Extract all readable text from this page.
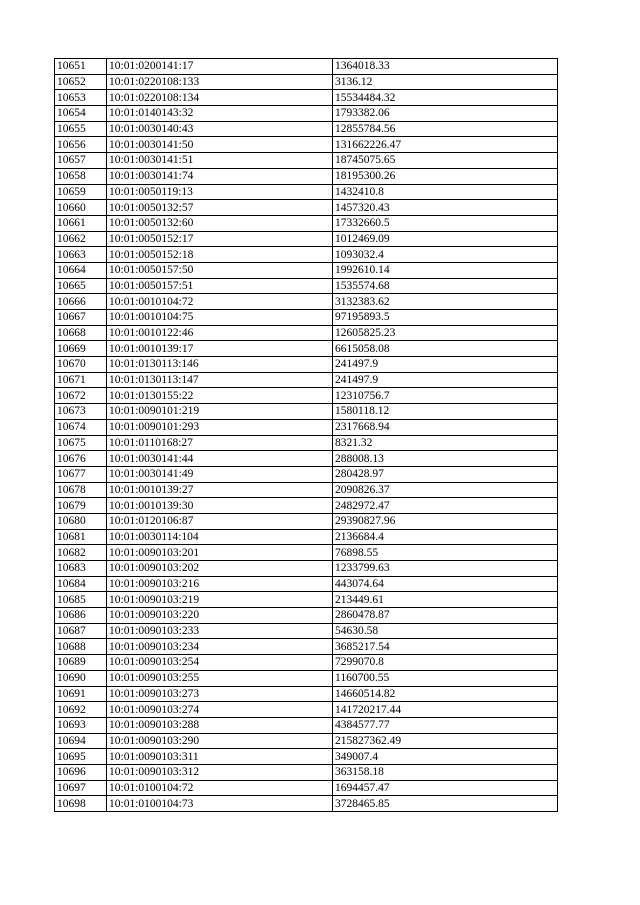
10651	10:01:0200141:17	1364018.33
10652	10:01:0220108:133	3136.12
10653	10:01:0220108:134	15534484.32
10654	10:01:0140143:32	1793382.06
10655	10:01:0030140:43	12855784.56
10656	10:01:0030141:50	131662226.47
10657	10:01:0030141:51	18745075.65
10658	10:01:0030141:74	18195300.26
10659	10:01:0050119:13	1432410.8
10660	10:01:0050132:57	1457320.43
10661	10:01:0050132:60	17332660.5
10662	10:01:0050152:17	1012469.09
10663	10:01:0050152:18	1093032.4
10664	10:01:0050157:50	1992610.14
10665	10:01:0050157:51	1535574.68
10666	10:01:0010104:72	3132383.62
10667	10:01:0010104:75	97195893.5
10668	10:01:0010122:46	12605825.23
10669	10:01:0010139:17	6615058.08
10670	10:01:0130113:146	241497.9
10671	10:01:0130113:147	241497.9
10672	10:01:0130155:22	12310756.7
10673	10:01:0090101:219	1580118.12
10674	10:01:0090101:293	2317668.94
10675	10:01:0110168:27	8321.32
10676	10:01:0030141:44	288008.13
10677	10:01:0030141:49	280428.97
10678	10:01:0010139:27	2090826.37
10679	10:01:0010139:30	2482972.47
10680	10:01:0120106:87	29390827.96
10681	10:01:0030114:104	2136684.4
10682	10:01:0090103:201	76898.55
10683	10:01:0090103:202	1233799.63
10684	10:01:0090103:216	443074.64
10685	10:01:0090103:219	213449.61
10686	10:01:0090103:220	2860478.87
10687	10:01:0090103:233	54630.58
10688	10:01:0090103:234	3685217.54
10689	10:01:0090103:254	7299070.8
10690	10:01:0090103:255	1160700.55
10691	10:01:0090103:273	14660514.82
10692	10:01:0090103:274	141720217.44
10693	10:01:0090103:288	4384577.77
10694	10:01:0090103:290	215827362.49
10695	10:01:0090103:311	349007.4
10696	10:01:0090103:312	363158.18
10697	10:01:0100104:72	1694457.47
10698	10:01:0100104:73	3728465.85
